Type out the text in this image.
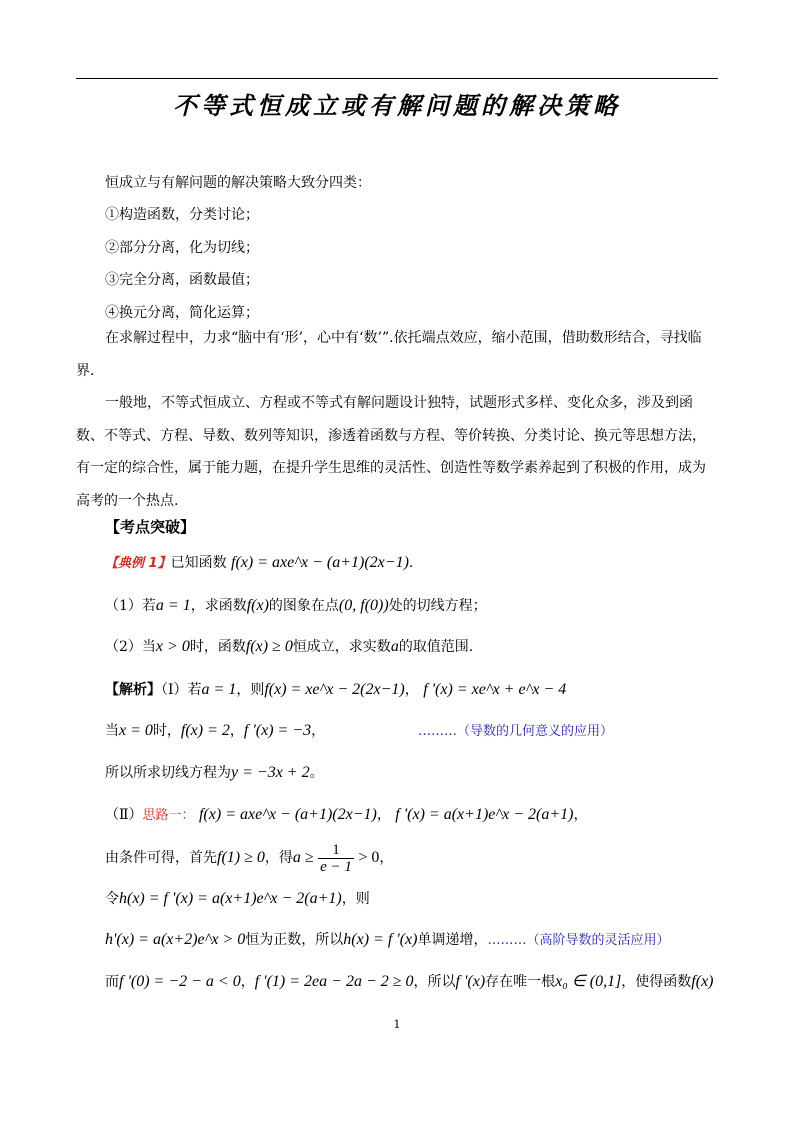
不等式恒成立或有解问题的解决策略
恒成立与有解问题的解决策略大致分四类：
①构造函数，分类讨论；
②部分分离，化为切线；
③完全分离，函数最值；
④换元分离，简化运算；
在求解过程中，力求“脑中有‘形’，心中有‘数’”.依托端点效应，缩小范围，借助数形结合，寻找临界.
一般地，不等式恒成立、方程或不等式有解问题设计独特，试题形式多样、变化众多，涉及到函数、不等式、方程、导数、数列等知识，渗透着函数与方程、等价转换、分类讨论、换元等思想方法，有一定的综合性，属于能力题，在提升学生思维的灵活性、创造性等数学素养起到了积极的作用，成为高考的一个热点.
【考点突破】
【典例 1】已知函数 f(x) = axe^x − (a+1)(2x−1).
（1）若a = 1，求函数f(x)的图象在点(0, f(0))处的切线方程；
（2）当x > 0时，函数f(x) ≥ 0恒成立，求实数a的取值范围.
【解析】（Ⅰ）若a = 1，则f(x) = xe^x − 2(2x−1)， f '(x) = xe^x + e^x − 4
当x = 0时，f(x) = 2，f '(x) = −3，	………（导数的几何意义的应用）
所以所求切线方程为y = −3x + 2。
（Ⅱ）思路一： f(x) = axe^x − (a+1)(2x−1)， f '(x) = a(x+1)e^x − 2(a+1)，
由条件可得，首先f(1) ≥ 0，得$a \ge \frac{1}{e - 1} > 0$，
令h(x) = f '(x) = a(x+1)e^x − 2(a+1)，则
h'(x) = a(x+2)e^x > 0恒为正数，所以h(x) = f '(x)单调递增，………（高阶导数的灵活应用）
而f '(0) = −2 − a < 0，f '(1) = 2ea − 2a − 2 ≥ 0，所以f '(x)存在唯一根x₀ ∈ (0,1]，使得函数f(x)
1
